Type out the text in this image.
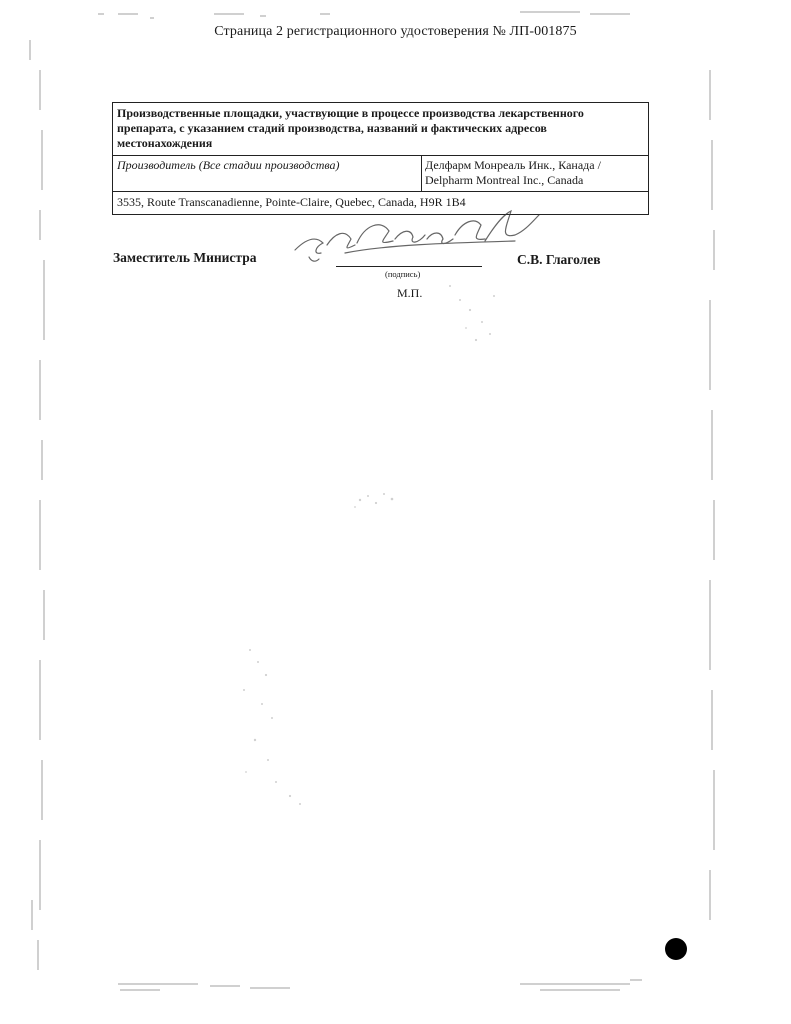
Страница 2 регистрационного удостоверения № ЛП-001875
Производственные площадки, участвующие в процессе производства лекарственного препарата, с указанием стадий производства, названий и фактических адресов местонахождения
Производитель (Все стадии производства)	Делфарм Монреаль Инк., Канада /
Delpharm Montreal Inc., Canada

3535, Route Transcanadienne, Pointe-Claire, Quebec, Canada, H9R 1B4
Заместитель Министра
(подпись)
М.П.
С.В. Глаголев
